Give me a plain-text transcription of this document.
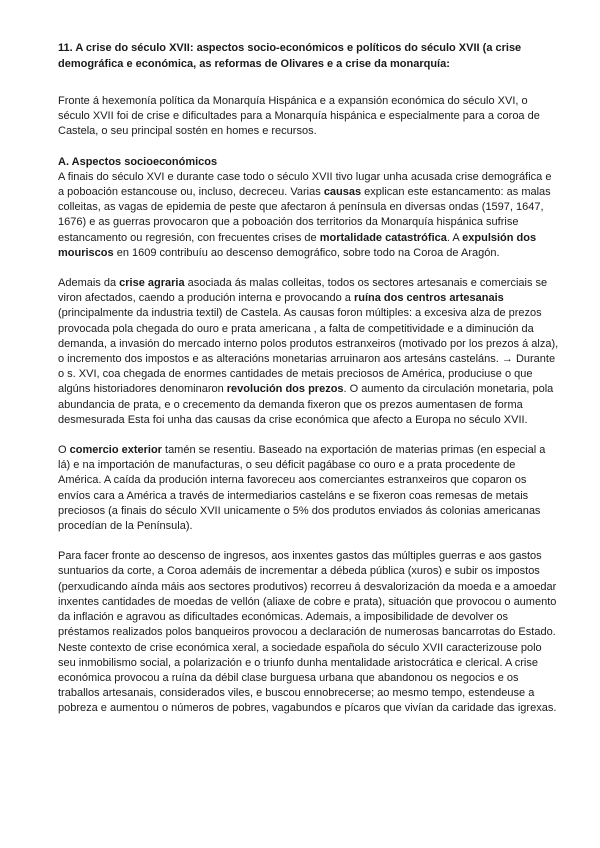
11. A crise do século XVII: aspectos socio-económicos e políticos do século XVII (a crise demográfica e económica, as reformas de Olivares e a crise da monarquía:

Fronte á hexemonía política da Monarquía Hispánica e a expansión económica do século XVI, o século XVII foi de crise e dificultades para a Monarquía hispánica e especialmente para a coroa de Castela, o seu principal sostén en homes e recursos.

A. Aspectos socioeconómicos

A finais do século XVI e durante case todo o século XVII tivo lugar unha acusada crise demográfica e a poboación estancouse ou, incluso, decreceu. Varias causas explican este estancamento: as malas colleitas, as vagas de epidemia de peste que afectaron á península en diversas ondas (1597, 1647, 1676) e as guerras provocaron que a poboación dos territorios da Monarquía hispánica sufrise estancamento ou regresión, con frecuentes crises de mortalidade catastrófica. A expulsión dos mouriscos en 1609 contribuíu ao descenso demográfico, sobre todo na Coroa de Aragón.

Ademais da crise agraria asociada ás malas colleitas, todos os sectores artesanais e comerciais se viron afectados, caendo a produción interna e provocando a ruína dos centros artesanais (principalmente da industria textil) de Castela. As causas foron múltiples: a excesiva alza de prezos provocada pola chegada do ouro e prata americana , a falta de competitividade e a diminución da demanda, a invasión do mercado interno polos produtos estranxeiros (motivado por los prezos á alza), o incremento dos impostos e as alteracións monetarias arruinaron aos artesáns casteláns. → Durante o s. XVI, coa chegada de enormes cantidades de metais preciosos de América, produciuse o que algúns historiadores denominaron revolución dos prezos. O aumento da circulación monetaria, pola abundancia de prata, e o crecemento da demanda fixeron que os prezos aumentasen de forma desmesurada Esta foi unha das causas da crise económica que afecto a Europa no século XVII.

O comercio exterior tamén se resentiu. Baseado na exportación de materias primas (en especial a lá) e na importación de manufacturas, o seu déficit pagábase co ouro e a prata procedente de América. A caída da produción interna favoreceu aos comerciantes estranxeiros que coparon os envíos cara a América a través de intermediarios casteláns e se fixeron coas remesas de metais preciosos (a finais do século XVII unicamente o 5% dos produtos enviados ás colonias americanas procedían de la Península).

Para facer fronte ao descenso de ingresos, aos inxentes gastos das múltiples guerras e aos gastos suntuarios da corte, a Coroa ademáis de incrementar a débeda pública (xuros) e subir os impostos (perxudicando aínda máis aos sectores produtivos) recorreu á desvalorización da moeda e a amoedar inxentes cantidades de moedas de vellón (aliaxe de cobre e prata), situación que provocou o aumento da inflación e agravou as dificultades económicas. Ademais, a imposibilidade de devolver os préstamos realizados polos banqueiros provocou a declaración de numerosas bancarrotas do Estado. Neste contexto de crise económica xeral, a sociedade española do século XVII caracterizouse polo seu inmobilismo social, a polarización e o triunfo dunha mentalidade aristocrática e clerical. A crise económica provocou a ruína da débil clase burguesa urbana que abandonou os negocios e os traballos artesanais, considerados viles, e buscou ennobrecerse; ao mesmo tempo, estendeuse a pobreza e aumentou o números de pobres, vagabundos e pícaros que vivían da caridade das igrexas.
